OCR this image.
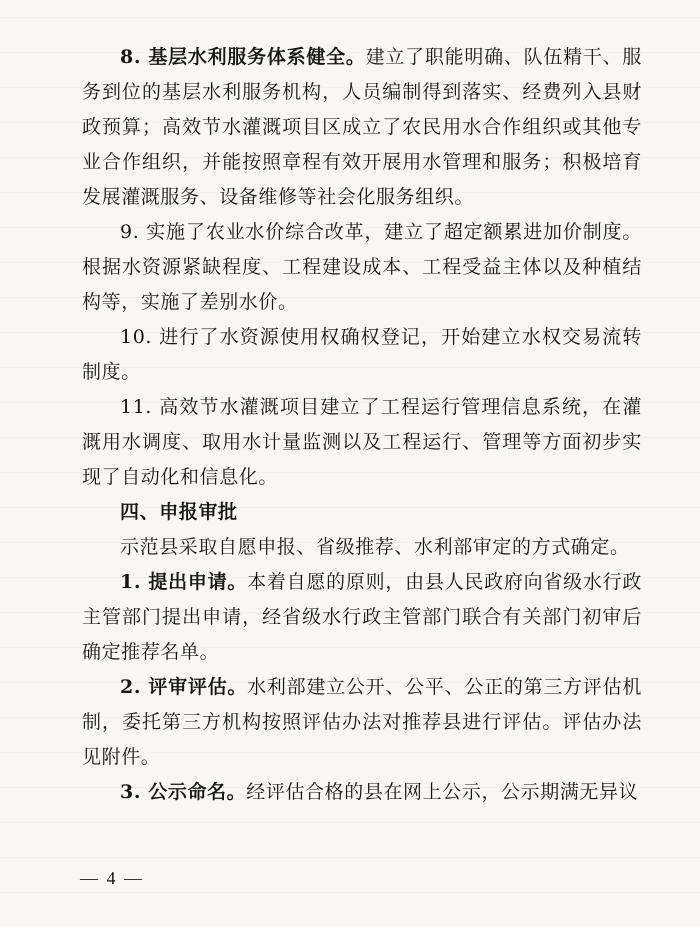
8. 基层水利服务体系健全。建立了职能明确、队伍精干、服务到位的基层水利服务机构，人员编制得到落实、经费列入县财政预算；高效节水灌溉项目区成立了农民用水合作组织或其他专业合作组织，并能按照章程有效开展用水管理和服务；积极培育发展灌溉服务、设备维修等社会化服务组织。

9. 实施了农业水价综合改革，建立了超定额累进加价制度。根据水资源紧缺程度、工程建设成本、工程受益主体以及种植结构等，实施了差别水价。

10. 进行了水资源使用权确权登记，开始建立水权交易流转制度。

11. 高效节水灌溉项目建立了工程运行管理信息系统，在灌溉用水调度、取用水计量监测以及工程运行、管理等方面初步实现了自动化和信息化。

四、申报审批

示范县采取自愿申报、省级推荐、水利部审定的方式确定。

1. 提出申请。本着自愿的原则，由县人民政府向省级水行政主管部门提出申请，经省级水行政主管部门联合有关部门初审后确定推荐名单。

2. 评审评估。水利部建立公开、公平、公正的第三方评估机制，委托第三方机构按照评估办法对推荐县进行评估。评估办法见附件。

3. 公示命名。经评估合格的县在网上公示，公示期满无异议

— 4 —
